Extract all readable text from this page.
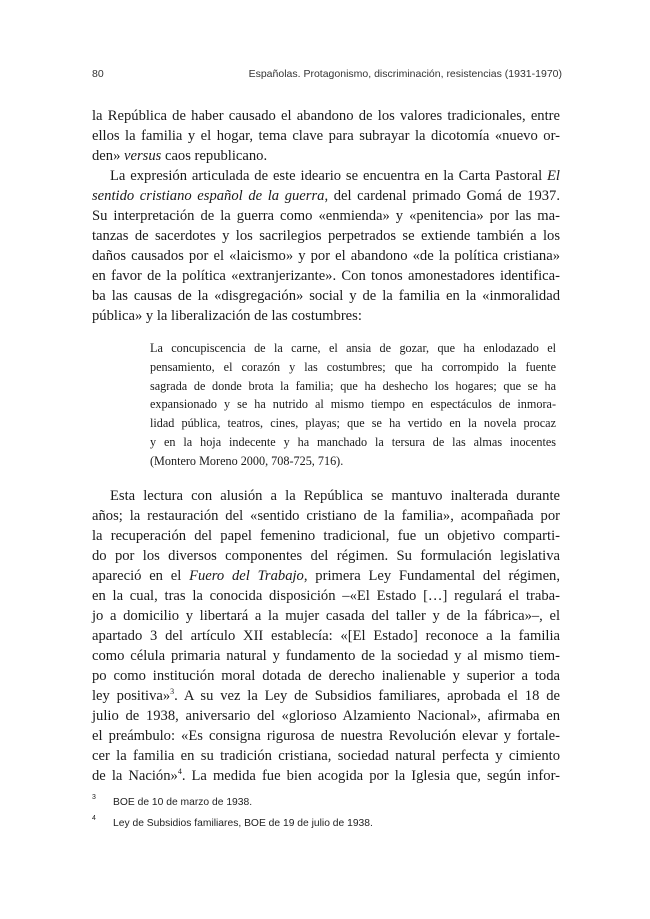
80	Españolas. Protagonismo, discriminación, resistencias (1931-1970)
la República de haber causado el abandono de los valores tradicionales, entre
ellos la familia y el hogar, tema clave para subrayar la dicotomía «nuevo or-
den» versus caos republicano.
La expresión articulada de este ideario se encuentra en la Carta Pastoral El
sentido cristiano español de la guerra, del cardenal primado Gomá de 1937.
Su interpretación de la guerra como «enmienda» y «penitencia» por las ma-
tanzas de sacerdotes y los sacrilegios perpetrados se extiende también a los
daños causados por el «laicismo» y por el abandono «de la política cristiana»
en favor de la política «extranjerizante». Con tonos amonestadores identifica-
ba las causas de la «disgregación» social y de la familia en la «inmoralidad
pública» y la liberalización de las costumbres:
La concupiscencia de la carne, el ansia de gozar, que ha enlodazado el
pensamiento, el corazón y las costumbres; que ha corrompido la fuente
sagrada de donde brota la familia; que ha deshecho los hogares; que se ha
expansionado y se ha nutrido al mismo tiempo en espectáculos de inmora-
lidad pública, teatros, cines, playas; que se ha vertido en la novela procaz
y en la hoja indecente y ha manchado la tersura de las almas inocentes
(Montero Moreno 2000, 708-725, 716).
Esta lectura con alusión a la República se mantuvo inalterada durante
años; la restauración del «sentido cristiano de la familia», acompañada por
la recuperación del papel femenino tradicional, fue un objetivo comparti-
do por los diversos componentes del régimen. Su formulación legislativa
apareció en el Fuero del Trabajo, primera Ley Fundamental del régimen,
en la cual, tras la conocida disposición –«El Estado […] regulará el traba-
jo a domicilio y libertará a la mujer casada del taller y de la fábrica»–, el
apartado 3 del artículo XII establecía: «[El Estado] reconoce a la familia
como célula primaria natural y fundamento de la sociedad y al mismo tiem-
po como institución moral dotada de derecho inalienable y superior a toda
ley positiva»$^3$. A su vez la Ley de Subsidios familiares, aprobada el 18 de
julio de 1938, aniversario del «glorioso Alzamiento Nacional», afirmaba en
el preámbulo: «Es consigna rigurosa de nuestra Revolución elevar y fortale-
cer la familia en su tradición cristiana, sociedad natural perfecta y cimiento
de la Nación»$^4$. La medida fue bien acogida por la Iglesia que, según infor-
3 BOE de 10 de marzo de 1938.
4 Ley de Subsidios familiares, BOE de 19 de julio de 1938.
